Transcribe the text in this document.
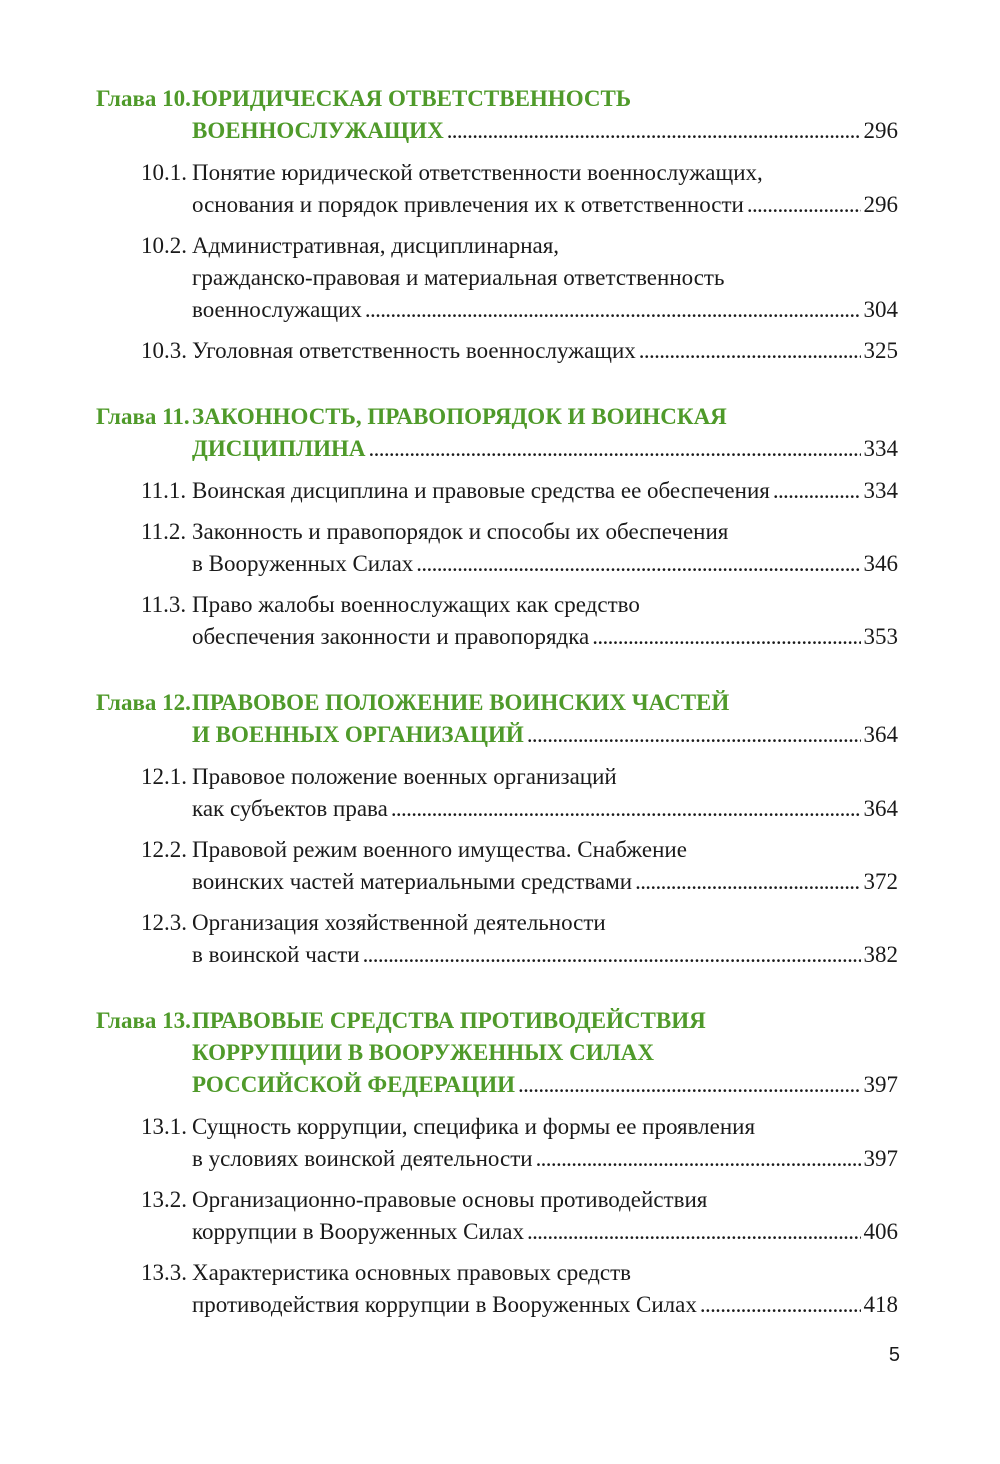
Глава 10. ЮРИДИЧЕСКАЯ ОТВЕТСТВЕННОСТЬ
ВОЕННОСЛУЖАЩИХ . . .	296
10.1. Понятие юридической ответственности военнослужащих,
основания и порядок привлечения их к ответственности . . .	296
10.2. Административная, дисциплинарная,
гражданско-правовая и материальная ответственность
военнослужащих . . .	304
10.3. Уголовная ответственность военнослужащих . . .	325
Глава 11. ЗАКОННОСТЬ, ПРАВОПОРЯДОК И ВОИНСКАЯ
ДИСЦИПЛИНА . . .	334
11.1. Воинская дисциплина и правовые средства ее обеспечения . . .	334
11.2. Законность и правопорядок и способы их обеспечения
в Вооруженных Силах . . .	346
11.3. Право жалобы военнослужащих как средство
обеспечения законности и правопорядка . . .	353
Глава 12. ПРАВОВОЕ ПОЛОЖЕНИЕ ВОИНСКИХ ЧАСТЕЙ
И ВОЕННЫХ ОРГАНИЗАЦИЙ . . .	364
12.1. Правовое положение военных организаций
как субъектов права . . .	364
12.2. Правовой режим военного имущества. Снабжение
воинских частей материальными средствами . . .	372
12.3. Организация хозяйственной деятельности
в воинской части . . .	382
Глава 13. ПРАВОВЫЕ СРЕДСТВА ПРОТИВОДЕЙСТВИЯ
КОРРУПЦИИ В ВООРУЖЕННЫХ СИЛАХ
РОССИЙСКОЙ ФЕДЕРАЦИИ . . .	397
13.1. Сущность коррупции, специфика и формы ее проявления
в условиях воинской деятельности . . .	397
13.2. Организационно-правовые основы противодействия
коррупции в Вооруженных Силах . . .	406
13.3. Характеристика основных правовых средств
противодействия коррупции в Вооруженных Силах . . .	418
5
